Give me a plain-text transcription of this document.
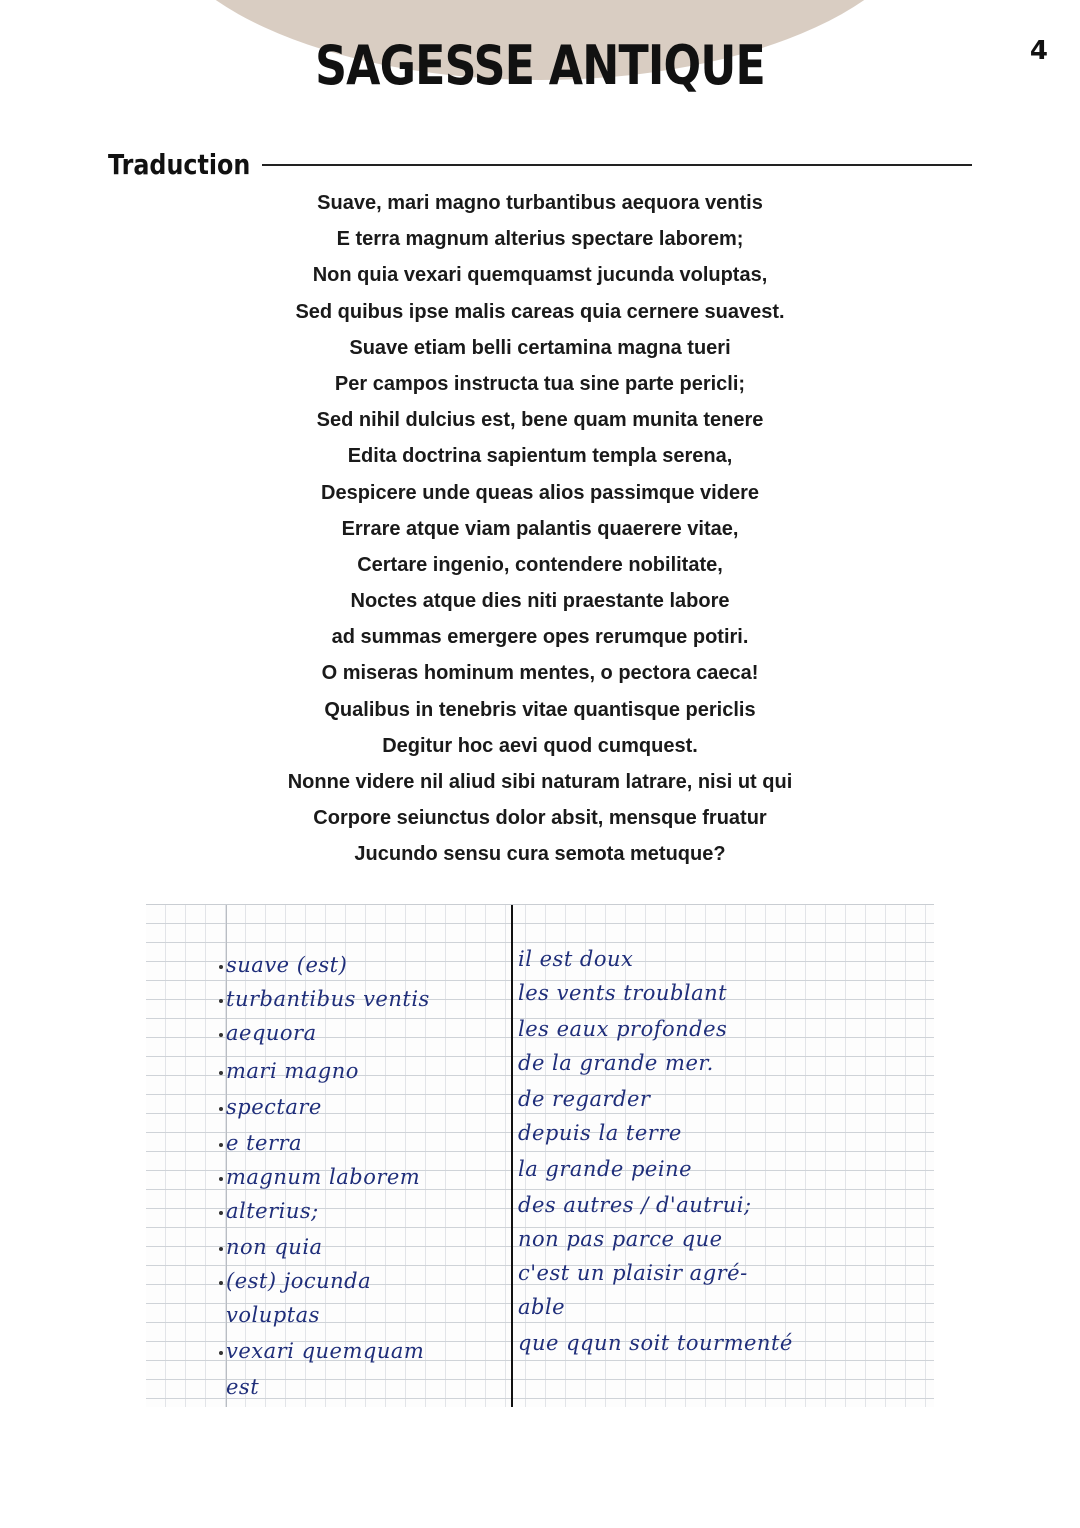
SAGESSE ANTIQUE	4
Traduction
Suave, mari magno turbantibus aequora ventis
E terra magnum alterius spectare laborem;
Non quia vexari quemquamst jucunda voluptas,
Sed quibus ipse malis careas quia cernere suavest.
Suave etiam belli certamina magna tueri
Per campos instructa tua sine parte pericli;
Sed nihil dulcius est, bene quam munita tenere
Edita doctrina sapientum templa serena,
Despicere unde queas alios passimque videre
Errare atque viam palantis quaerere vitae,
Certare ingenio, contendere nobilitate,
Noctes atque dies niti praestante labore
ad summas emergere opes rerumque potiri.
O miseras hominum mentes, o pectora caeca!
Qualibus in tenebris vitae quantisque periclis
Degitur hoc aevi quod cumquest.
Nonne videre nil aliud sibi naturam latrare, nisi ut qui
Corpore seiunctus dolor absit, mensque fruatur
Jucundo sensu cura semota metuque?
suave (est)
turbantibus ventis
aequora
mari magno
spectare
e terra
magnum laborem
alterius;
non quia
(est) jocunda
voluptas
vexari quemquam
est
il est doux
les vents troublant
les eaux profondes
de la grande mer.
de regarder
depuis la terre
la grande peine
des autres / d'autrui;
non pas parce que
c'est un plaisir agré-
able
que qqun soit tourmenté
